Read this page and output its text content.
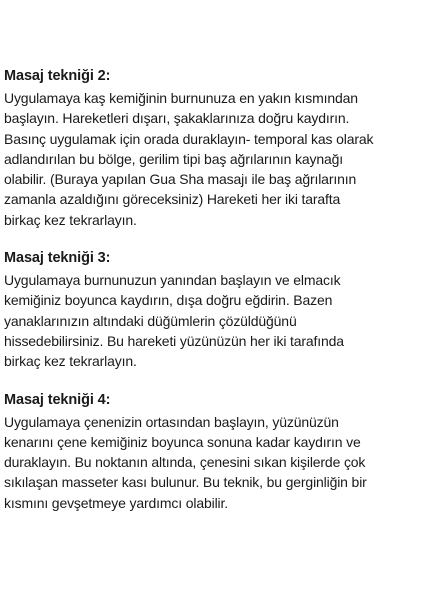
Masaj tekniği 2:
Uygulamaya kaş kemiğinin burnunuza en yakın kısmından
başlayın. Hareketleri dışarı, şakaklarınıza doğru kaydırın.
Basınç uygulamak için orada duraklayın- temporal kas olarak
adlandırılan bu bölge, gerilim tipi baş ağrılarının kaynağı
olabilir. (Buraya yapılan Gua Sha masajı ile baş ağrılarının
zamanla azaldığını göreceksiniz) Hareketi her iki tarafta
birkaç kez tekrarlayın.
Masaj tekniği 3:
Uygulamaya burnunuzun yanından başlayın ve elmacık
kemiğiniz boyunca kaydırın, dışa doğru eğdirin. Bazen
yanaklarınızın altındaki düğümlerin çözüldüğünü
hissedebilirsiniz. Bu hareketi yüzünüzün her iki tarafında
birkaç kez tekrarlayın.
Masaj tekniği 4:
Uygulamaya çenenizin ortasından başlayın, yüzünüzün
kenarını çene kemiğiniz boyunca sonuna kadar kaydırın ve
duraklayın. Bu noktanın altında, çenesini sıkan kişilerde çok
sıkılaşan masseter kası bulunur. Bu teknik, bu gerginliğin bir
kısmını gevşetmeye yardımcı olabilir.
